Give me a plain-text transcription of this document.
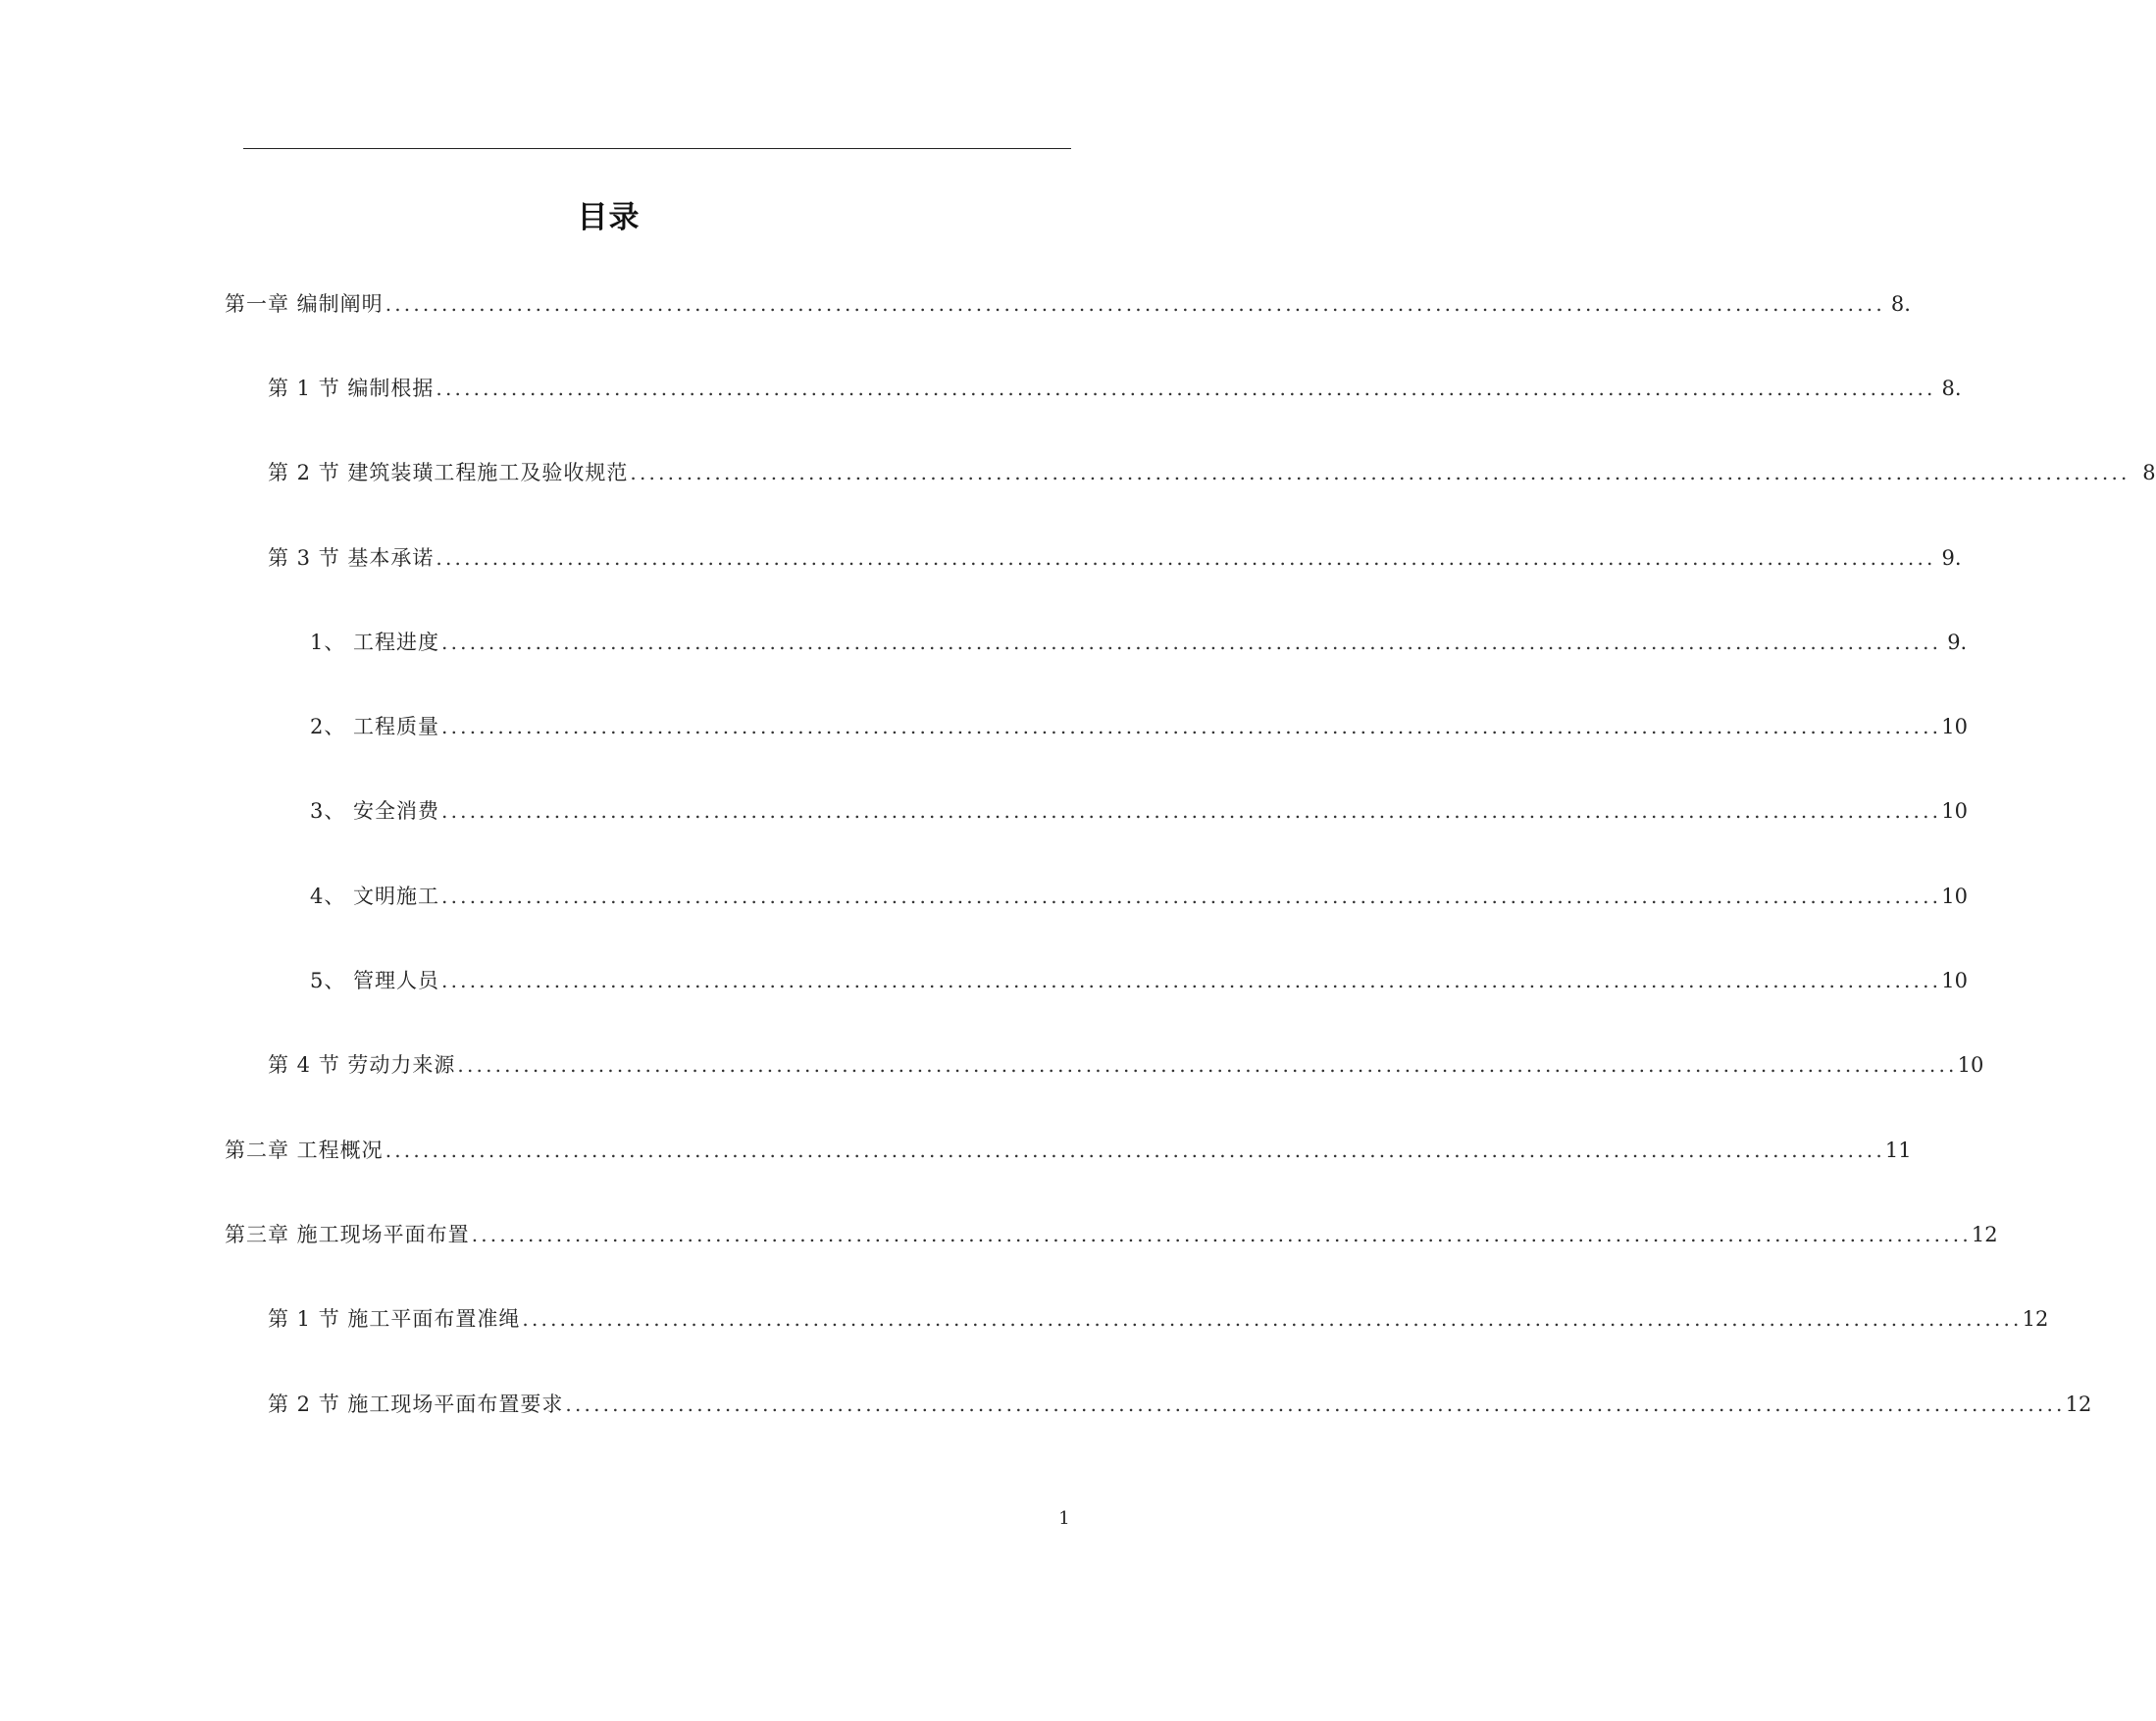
目录
第一章 编制阐明 ................................................................................................................................................................ 8.
第 1 节 编制根据 ................................................................................................................................................................ 8.
第 2 节 建筑装璜工程施工及验收规范 ................................................................................................................................................................ 8
第 3 节 基本承诺 ................................................................................................................................................................ 9.
1、 工程进度 ................................................................................................................................................................ 9.
2、 工程质量 ................................................................................................................................................................ 10
3、 安全消费 ................................................................................................................................................................ 10
4、 文明施工 ................................................................................................................................................................ 10
5、 管理人员 ................................................................................................................................................................ 10
第 4 节 劳动力来源 ................................................................................................................................................................ 10
第二章 工程概况 ................................................................................................................................................................ 11
第三章 施工现场平面布置 ................................................................................................................................................................ 12
第 1 节 施工平面布置准绳 ................................................................................................................................................................ 12
第 2 节 施工现场平面布置要求 ................................................................................................................................................................ 12
1
